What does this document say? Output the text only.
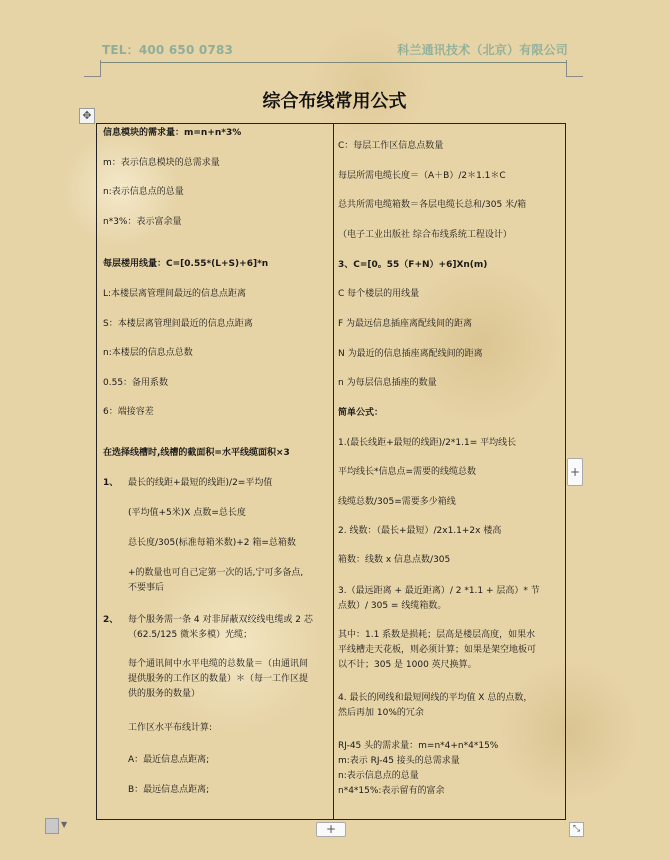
TEL：400 650 0783	科兰通讯技术（北京）有限公司
综合布线常用公式
✥
信息模块的需求量：m=n+n*3%
m：表示信息模块的总需求量
n:表示信息点的总量
n*3%：表示富余量
每层楼用线量：C=[0.55*(L+S)+6]*n
L:本楼层离管理间最远的信息点距离
S：本楼层离管理间最近的信息点距离
n:本楼层的信息点总数
0.55：备用系数
6：端接容差
在选择线槽时,线槽的截面积=水平线缆面积×3
1、 最长的线距+最短的线距)/2=平均值
(平均值+5米)X 点数=总长度
总长度/305(标准每箱米数)+2 箱=总箱数
+的数量也可自己定第一次的话,宁可多备点,
不要事后
2、 每个服务需一条 4 对非屏蔽双绞线电缆或 2 芯
（62.5/125 微米多模）光缆；
每个通讯间中水平电缆的总数量＝（由通讯间
提供服务的工作区的数量）＊（每一工作区提
供的服务的数量）
工作区水平布线计算:
A：最近信息点距离;
B：最远信息点距离;
C：每层工作区信息点数量
每层所需电缆长度＝（A＋B）/2＊1.1＊C
总共所需电缆箱数＝各层电缆长总和/305 米/箱
（电子工业出版社 综合布线系统工程设计）
3、C=[0。55（F+N）+6]Xn(m)
C 每个楼层的用线量
F 为最远信息插座离配线间的距离
N 为最近的信息插座离配线间的距离
n 为每层信息插座的数量
简单公式：
1.(最长线距+最短的线距)/2*1.1= 平均线长
平均线长*信息点=需要的线缆总数
线缆总数/305=需要多少箱线
2. 线数：（最长+最短）/2x1.1+2x 楼高
箱数：线数 x 信息点数/305
3.（最远距离 + 最近距离）/ 2 *1.1 + 层高）* 节
点数）/ 305 = 线缆箱数。
其中：1.1 系数是损耗；层高是楼层高度，如果水
平线槽走天花板，则必须计算；如果是架空地板可
以不计；305 是 1000 英尺换算。
4. 最长的网线和最短网线的平均值 X 总的点数，
然后再加 10%的冗余
RJ-45 头的需求量：m=n*4+n*4*15%
m:表示 RJ-45 接头的总需求量
n:表示信息点的总量
n*4*15%:表示留有的富余
+
+	⤡
▼
